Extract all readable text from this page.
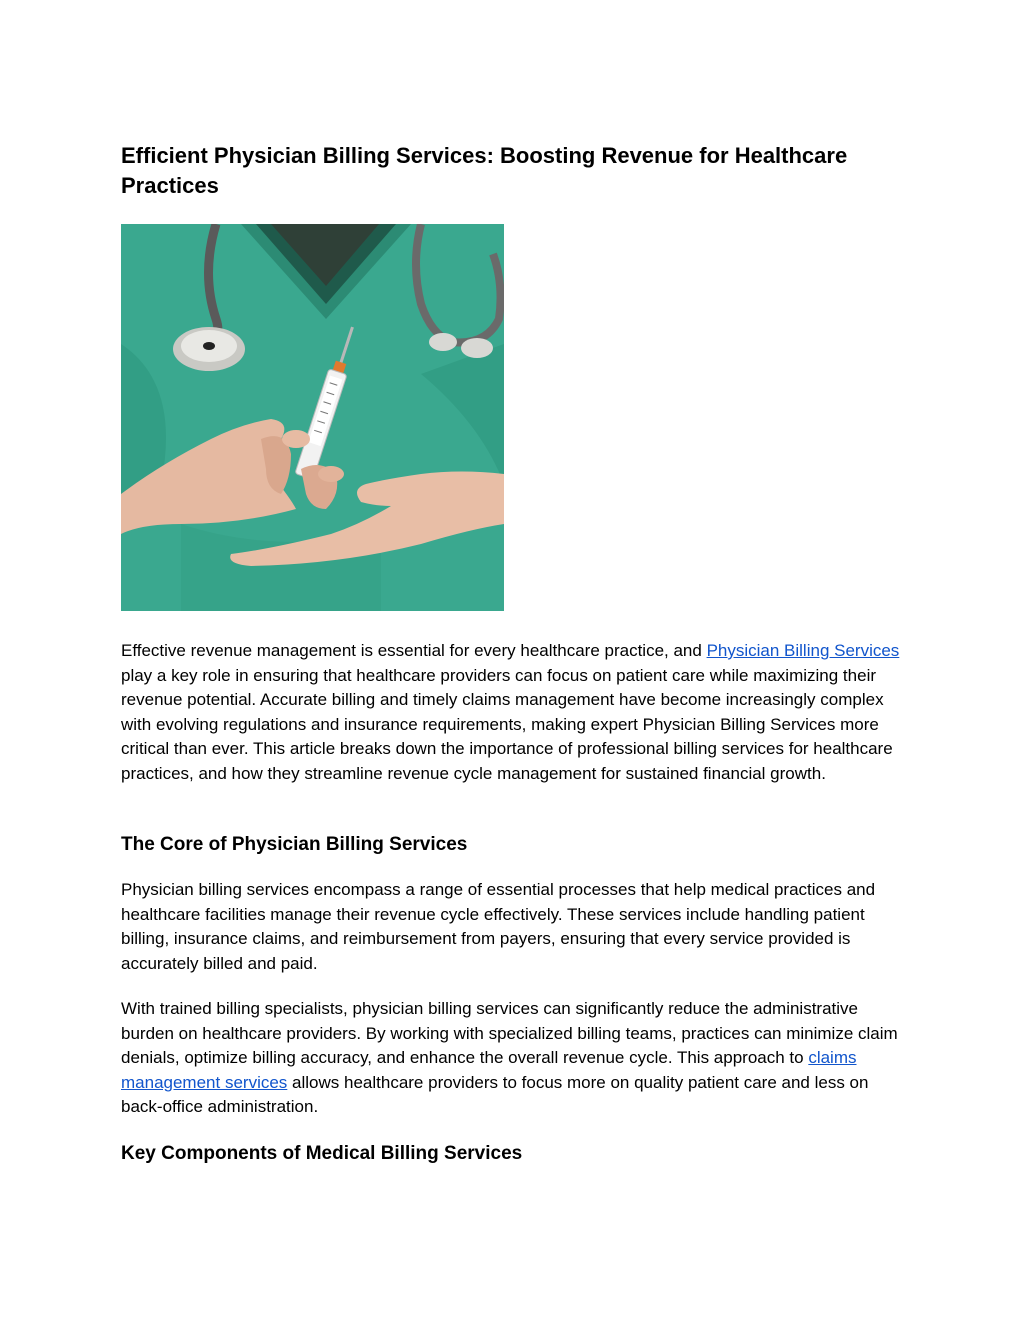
Efficient Physician Billing Services: Boosting Revenue for Healthcare Practices

Effective revenue management is essential for every healthcare practice, and Physician Billing Services play a key role in ensuring that healthcare providers can focus on patient care while maximizing their revenue potential. Accurate billing and timely claims management have become increasingly complex with evolving regulations and insurance requirements, making expert Physician Billing Services more critical than ever. This article breaks down the importance of professional billing services for healthcare practices, and how they streamline revenue cycle management for sustained financial growth.

The Core of Physician Billing Services

Physician billing services encompass a range of essential processes that help medical practices and healthcare facilities manage their revenue cycle effectively. These services include handling patient billing, insurance claims, and reimbursement from payers, ensuring that every service provided is accurately billed and paid.

With trained billing specialists, physician billing services can significantly reduce the administrative burden on healthcare providers. By working with specialized billing teams, practices can minimize claim denials, optimize billing accuracy, and enhance the overall revenue cycle. This approach to claims management services allows healthcare providers to focus more on quality patient care and less on back-office administration.

Key Components of Medical Billing Services
